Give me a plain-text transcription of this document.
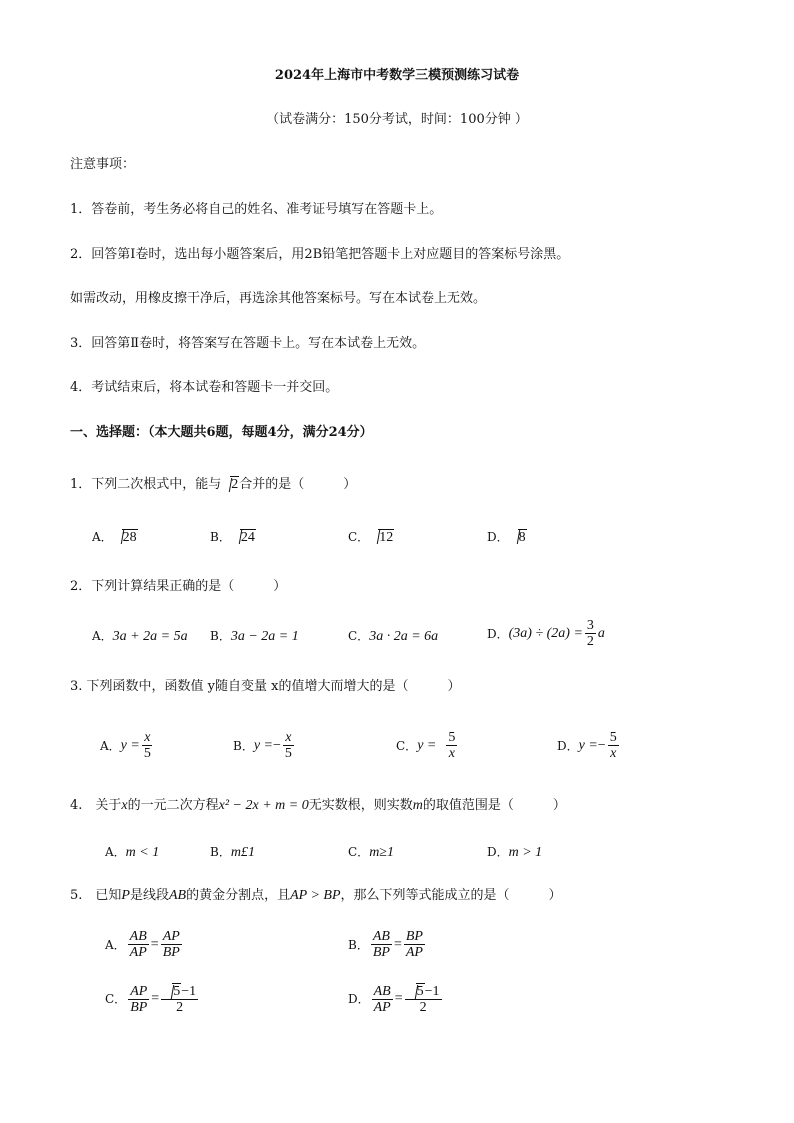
2024年上海市中考数学三模预测练习试卷
（试卷满分：150分考试，时间：100分钟 ）
注意事项：
1．答卷前，考生务必将自己的姓名、准考证号填写在答题卡上。
2．回答第Ⅰ卷时，选出每小题答案后，用2B铅笔把答题卡上对应题目的答案标号涂黑。
如需改动，用橡皮擦干净后，再选涂其他答案标号。写在本试卷上无效。
3．回答第Ⅱ卷时，将答案写在答题卡上。写在本试卷上无效。
4．考试结束后，将本试卷和答题卡一并交回。
一、选择题：（本大题共6题，每题4分，满分24分）
1．下列二次根式中，能与 2合并的是（　　　）
A． 28	B． 24	C． 12	D． 8
2．下列计算结果正确的是（　　　）
A．3a + 2a = 5a B．3a − 2a = 1	C．3a · 2a = 6a	D． $(3a) \div (2a) = \frac{3}{2}$ a
3. 下列函数中，函数值 y随自变量 x的值增大而增大的是（　　　）
A． $y = \frac{x}{5}$	B． y = − $\frac{x}{5}$	C． $y = \frac{5}{x}$	D． y = − $\frac{5}{x}$
4.　关于x的一元二次方程x² − 2x + m = 0无实数根，则实数m的取值范围是（　　　）
A．m < 1	B．m£1	C．m≥1	D．m > 1
5.　已知P是线段AB的黄金分割点，且AP > BP，那么下列等式能成立的是（　　　）
A． $\frac{AB}{AP} = \frac{AP}{BP}$	B． $\frac{AB}{BP} = \frac{BP}{AP}$
C． $\frac{AP}{BP} = \frac{5-1}{2}$	D． $\frac{AB}{AP} = \frac{5-1}{2}$
